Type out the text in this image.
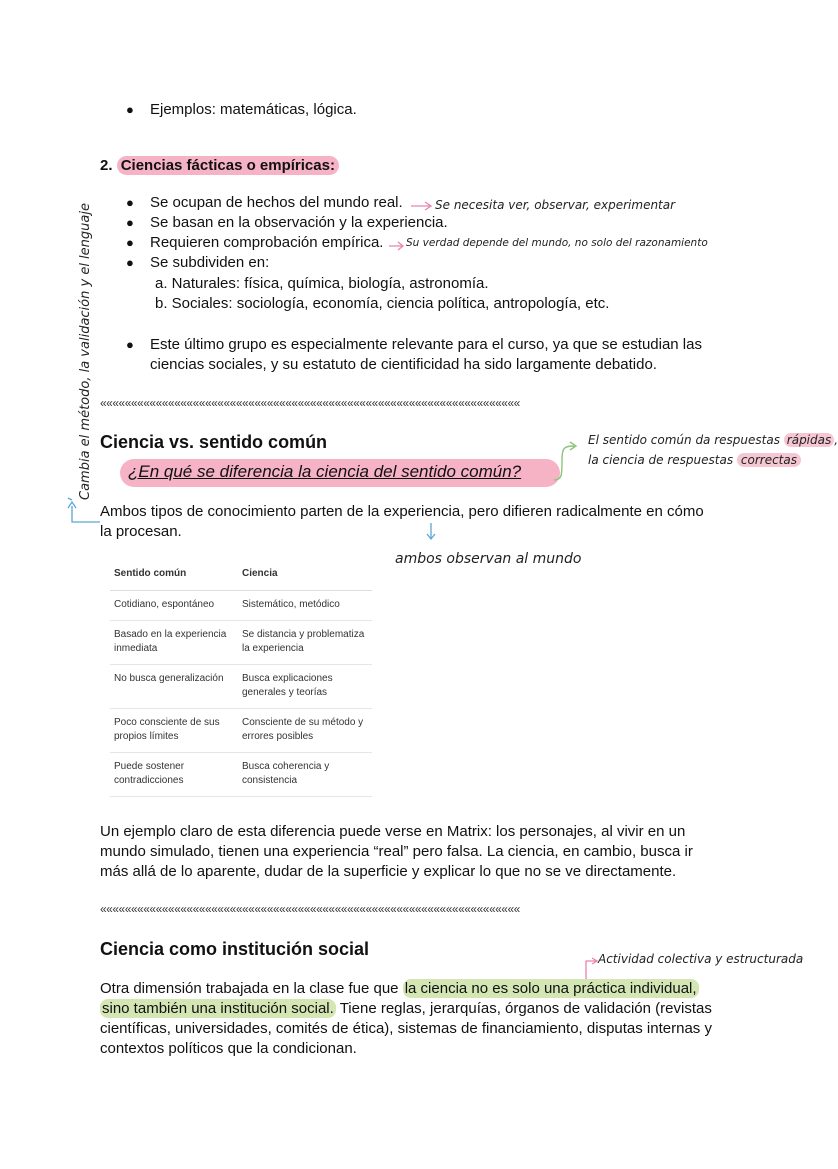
● Ejemplos: matemáticas, lógica.
2. Ciencias fácticas o empíricas:
● Se ocupan de hechos del mundo real.
● Se basan en la observación y la experiencia.
● Requieren comprobación empírica.
● Se subdividen en:
a. Naturales: física, química, biología, astronomía.
b. Sociales: sociología, economía, ciencia política, antropología, etc.
● Este último grupo es especialmente relevante para el curso, ya que se estudian las
ciencias sociales, y su estatuto de cientificidad ha sido largamente debatido.
Se necesita ver, observar, experimentar
Su verdad depende del mundo, no solo del razonamiento
Cambia el método, la validación y el lenguaje ««««««««««««««««««««««««««««««««««««««««««««««««««««««««««««««««««««
Ciencia vs. sentido común
¿En qué se diferencia la ciencia del sentido común?
El sentido común da respuestas rápidas ,
la ciencia de respuestas correctas
Ambos tipos de conocimiento parten de la experiencia, pero difieren radicalmente en cómo
la procesan.
ambos observan al mundo
Sentido común	Ciencia
Cotidiano, espontáneo	Sistemático, metódico
Basado en la experiencia inmediata	Se distancia y problematiza la experiencia
No busca generalización	Busca explicaciones generales y teorías
Poco consciente de sus propios límites	Consciente de su método y errores posibles
Puede sostener contradicciones	Busca coherencia y consistencia
Un ejemplo claro de esta diferencia puede verse en Matrix: los personajes, al vivir en un
mundo simulado, tienen una experiencia “real” pero falsa. La ciencia, en cambio, busca ir
más allá de lo aparente, dudar de la superficie y explicar lo que no se ve directamente.
««««««««««««««««««««««««««««««««««««««««««««««««««««««««««««««««««««
Ciencia como institución social	Actividad colectiva y estructurada
Otra dimensión trabajada en la clase fue que la ciencia no es solo una práctica individual,
sino también una institución social. Tiene reglas, jerarquías, órganos de validación (revistas
científicas, universidades, comités de ética), sistemas de financiamiento, disputas internas y
contextos políticos que la condicionan.
